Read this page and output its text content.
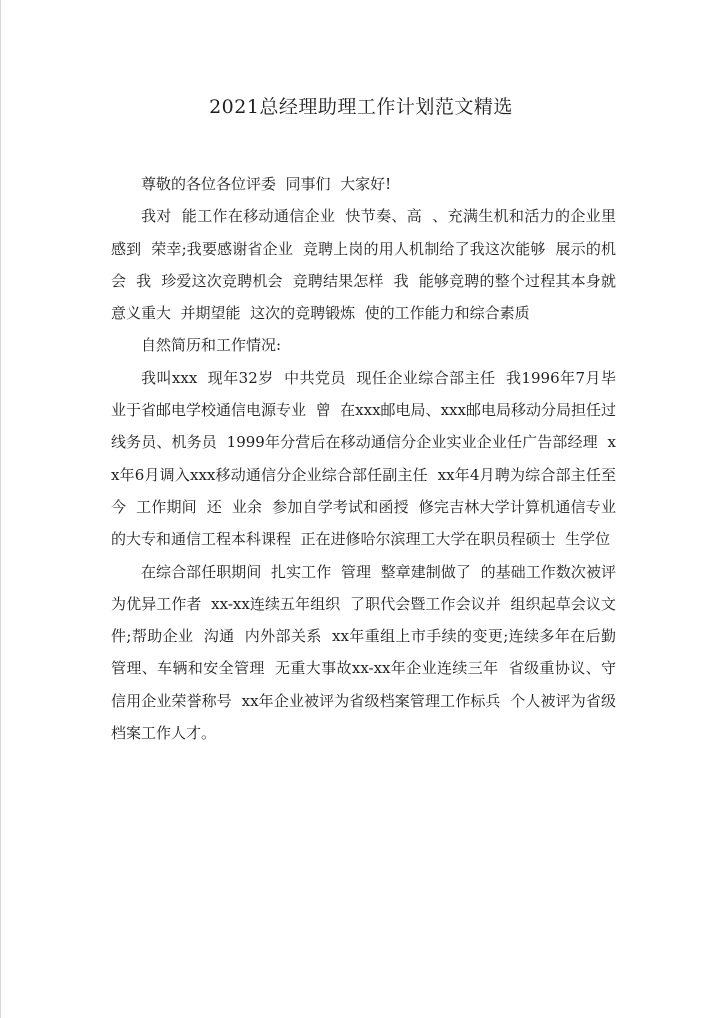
2021总经理助理工作计划范文精选

尊敬的各位各位评委  同事们  大家好!

我对  能工作在移动通信企业  快节奏、高  、充满生机和活力的企业里  感到  荣幸;我要感谢省企业  竞聘上岗的用人机制给了我这次能够  展示的机会  我  珍爱这次竞聘机会  竞聘结果怎样  我  能够竞聘的整个过程其本身就意义重大  并期望能  这次的竞聘锻炼  使的工作能力和综合素质

自然简历和工作情况:

我叫xxx  现年32岁  中共党员  现任企业综合部主任  我1996年7月毕业于省邮电学校通信电源专业  曾  在xxx邮电局、xxx邮电局移动分局担任过线务员、机务员  1999年分营后在移动通信分企业实业企业任广告部经理  xx年6月调入xxx移动通信分企业综合部任副主任  xx年4月聘为综合部主任至今  工作期间  还  业余  参加自学考试和函授  修完吉林大学计算机通信专业的大专和通信工程本科课程  正在进修哈尔滨理工大学在职员程硕士  生学位

在综合部任职期间  扎实工作  管理  整章建制做了  的基础工作数次被评为优异工作者  xx-xx连续五年组织  了职代会暨工作会议并  组织起草会议文件;帮助企业  沟通  内外部关系  xx年重组上市手续的变更;连续多年在后勤管理、车辆和安全管理  无重大事故xx-xx年企业连续三年  省级重协议、守信用企业荣誉称号  xx年企业被评为省级档案管理工作标兵  个人被评为省级档案工作人才。
